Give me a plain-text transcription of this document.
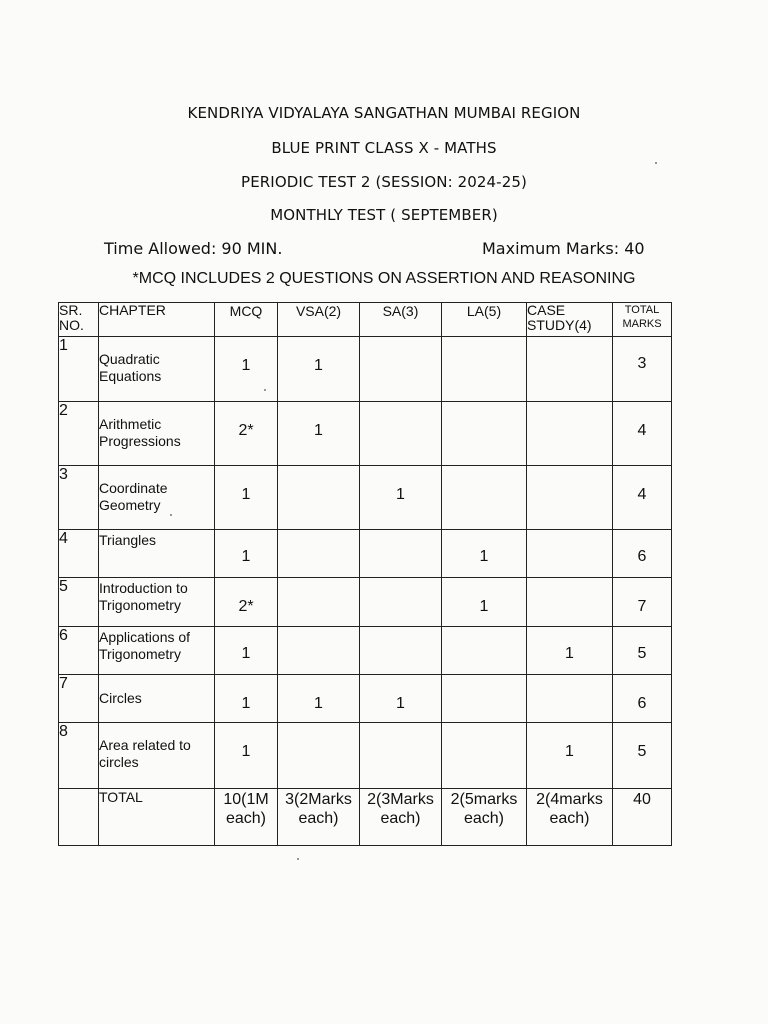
KENDRIYA VIDYALAYA SANGATHAN MUMBAI REGION
BLUE PRINT CLASS X - MATHS
PERIODIC TEST 2 (SESSION: 2024-25)
MONTHLY TEST ( SEPTEMBER)
Time Allowed: 90 MIN.	Maximum Marks: 40
*MCQ INCLUDES 2 QUESTIONS ON ASSERTION AND REASONING
SR. NO.	CHAPTER	MCQ	VSA(2)	SA(3)	LA(5)	CASE STUDY(4)	TOTAL MARKS
1	Quadratic Equations	1	1				3
2	Arithmetic Progressions	2*	1				4
3	Coordinate Geometry	1		1			4
4	Triangles	1			1		6
5	Introduction to Trigonometry	2*			1		7
6	Applications of Trigonometry	1				1	5
7	Circles	1	1	1			6
8	Area related to circles	1				1	5
	TOTAL	10(1M each)	3(2Marks each)	2(3Marks each)	2(5marks each)	2(4marks each)	40
